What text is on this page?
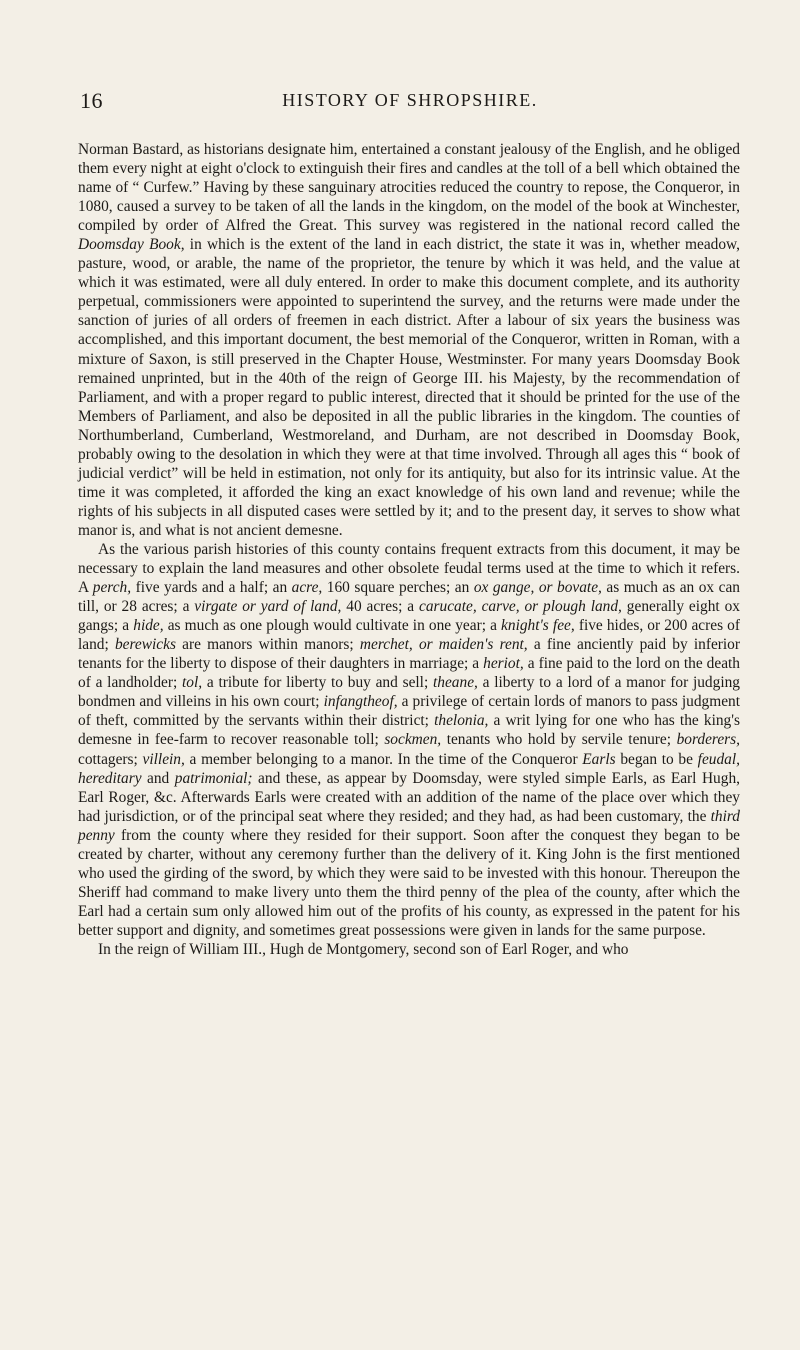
16	HISTORY OF SHROPSHIRE.

Norman Bastard, as historians designate him, entertained a constant jealousy of the English, and he obliged them every night at eight o'clock to extinguish their fires and candles at the toll of a bell which obtained the name of “ Curfew.” Having by these sanguinary atrocities reduced the country to repose, the Conqueror, in 1080, caused a survey to be taken of all the lands in the kingdom, on the model of the book at Winchester, compiled by order of Alfred the Great. This survey was registered in the national record called the Doomsday Book, in which is the extent of the land in each district, the state it was in, whether meadow, pasture, wood, or arable, the name of the proprietor, the tenure by which it was held, and the value at which it was estimated, were all duly entered. In order to make this document complete, and its authority perpetual, commissioners were appointed to superintend the survey, and the returns were made under the sanction of juries of all orders of freemen in each district. After a labour of six years the business was accomplished, and this important document, the best memorial of the Conqueror, written in Roman, with a mixture of Saxon, is still preserved in the Chapter House, Westminster. For many years Doomsday Book remained unprinted, but in the 40th of the reign of George III. his Majesty, by the recommendation of Parliament, and with a proper regard to public interest, directed that it should be printed for the use of the Members of Parliament, and also be deposited in all the public libraries in the kingdom. The counties of Northumberland, Cumberland, Westmoreland, and Durham, are not described in Doomsday Book, probably owing to the desolation in which they were at that time involved. Through all ages this “ book of judicial verdict” will be held in estimation, not only for its antiquity, but also for its intrinsic value. At the time it was completed, it afforded the king an exact knowledge of his own land and revenue; while the rights of his subjects in all disputed cases were settled by it; and to the present day, it serves to show what manor is, and what is not ancient demesne.

As the various parish histories of this county contains frequent extracts from this document, it may be necessary to explain the land measures and other obsolete feudal terms used at the time to which it refers. A perch, five yards and a half; an acre, 160 square perches; an ox gange, or bovate, as much as an ox can till, or 28 acres; a virgate or yard of land, 40 acres; a carucate, carve, or plough land, generally eight ox gangs; a hide, as much as one plough would cultivate in one year; a knight's fee, five hides, or 200 acres of land; berewicks are manors within manors; merchet, or maiden's rent, a fine anciently paid by inferior tenants for the liberty to dispose of their daughters in marriage; a heriot, a fine paid to the lord on the death of a landholder; tol, a tribute for liberty to buy and sell; theane, a liberty to a lord of a manor for judging bondmen and villeins in his own court; infangtheof, a privilege of certain lords of manors to pass judgment of theft, committed by the servants within their district; thelonia, a writ lying for one who has the king's demesne in fee-farm to recover reasonable toll; sockmen, tenants who hold by servile tenure; borderers, cottagers; villein, a member belonging to a manor. In the time of the Conqueror Earls began to be feudal, hereditary and patrimonial; and these, as appear by Doomsday, were styled simple Earls, as Earl Hugh, Earl Roger, &c. Afterwards Earls were created with an addition of the name of the place over which they had jurisdiction, or of the principal seat where they resided; and they had, as had been customary, the third penny from the county where they resided for their support. Soon after the conquest they began to be created by charter, without any ceremony further than the delivery of it. King John is the first mentioned who used the girding of the sword, by which they were said to be invested with this honour. Thereupon the Sheriff had command to make livery unto them the third penny of the plea of the county, after which the Earl had a certain sum only allowed him out of the profits of his county, as expressed in the patent for his better support and dignity, and sometimes great possessions were given in lands for the same purpose.

In the reign of William III., Hugh de Montgomery, second son of Earl Roger, and who
